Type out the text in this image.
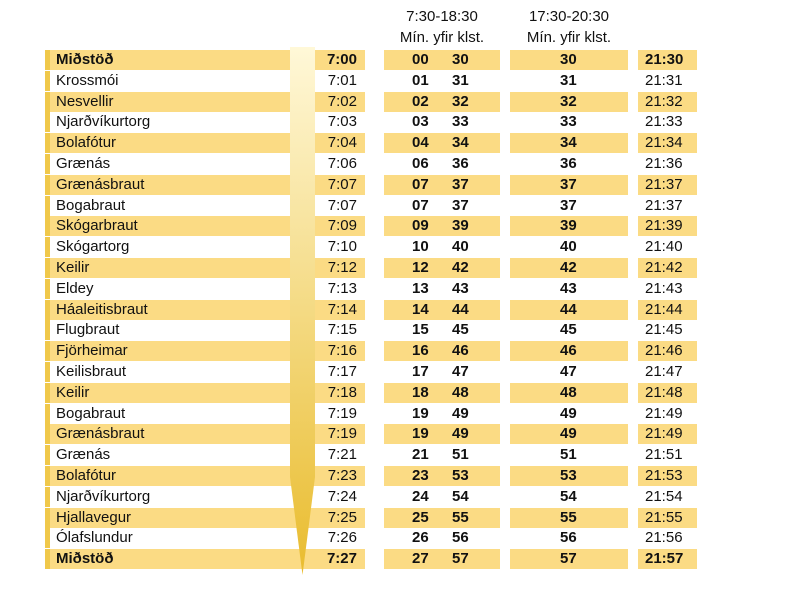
7:30-18:30
Mín. yfir klst.
17:30-20:30
Mín. yfir klst.
Miðstöð	7:00	00 30	30	21:30
Krossmói	7:01	01 31	31	21:31
Nesvellir	7:02	02 32	32	21:32
Njarðvíkurtorg	7:03	03 33	33	21:33
Bolafótur	7:04	04 34	34	21:34
Grænás	7:06	06 36	36	21:36
Grænásbraut	7:07	07 37	37	21:37
Bogabraut	7:07	07 37	37	21:37
Skógarbraut	7:09	09 39	39	21:39
Skógartorg	7:10	10 40	40	21:40
Keilir	7:12	12 42	42	21:42
Eldey	7:13	13 43	43	21:43
Háaleitisbraut	7:14	14 44	44	21:44
Flugbraut	7:15	15 45	45	21:45
Fjörheimar	7:16	16 46	46	21:46
Keilisbraut	7:17	17 47	47	21:47
Keilir	7:18	18 48	48	21:48
Bogabraut	7:19	19 49	49	21:49
Grænásbraut	7:19	19 49	49	21:49
Grænás	7:21	21 51	51	21:51
Bolafótur	7:23	23 53	53	21:53
Njarðvíkurtorg	7:24	24 54	54	21:54
Hjallavegur	7:25	25 55	55	21:55
Ólafslundur	7:26	26 56	56	21:56
Miðstöð	7:27	27 57	57	21:57
